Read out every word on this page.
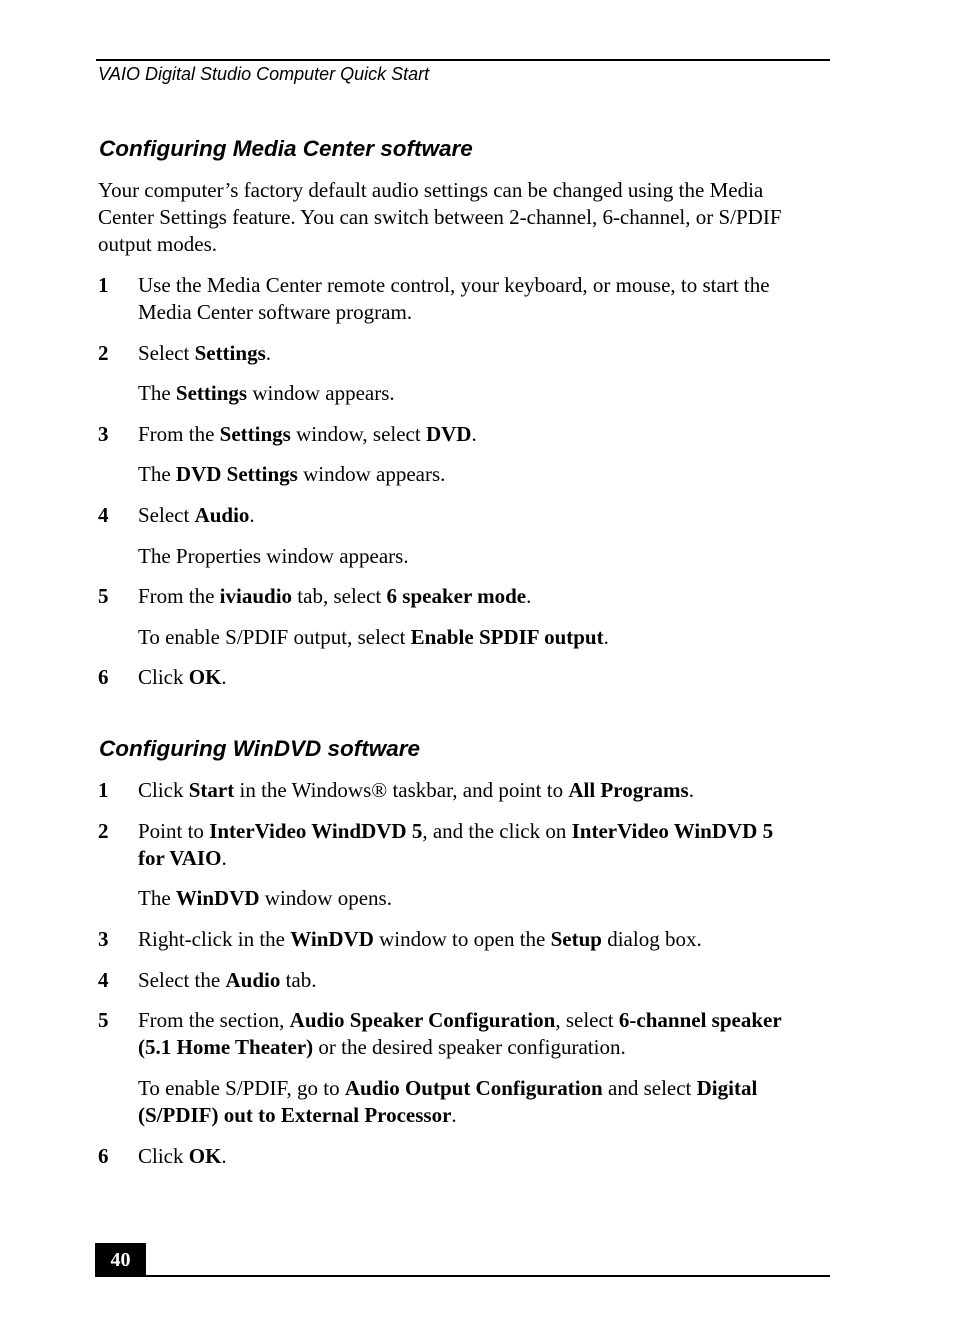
VAIO Digital Studio Computer Quick Start
Configuring Media Center software
Your computer’s factory default audio settings can be changed using the Media
Center Settings feature. You can switch between 2-channel, 6-channel, or S/PDIF
output modes.
1	Use the Media Center remote control, your keyboard, or mouse, to start the
Media Center software program.
2	Select Settings.
The Settings window appears.
3	From the Settings window, select DVD.
The DVD Settings window appears.
4	Select Audio.
The Properties window appears.
5	From the iviaudio tab, select 6 speaker mode.
To enable S/PDIF output, select Enable SPDIF output.
6	Click OK.
Configuring WinDVD software
1	Click Start in the Windows® taskbar, and point to All Programs.
2	Point to InterVideo WindDVD 5, and the click on InterVideo WinDVD 5
for VAIO.
The WinDVD window opens.
3	Right-click in the WinDVD window to open the Setup dialog box.
4	Select the Audio tab.
5	From the section, Audio Speaker Configuration, select 6-channel speaker
(5.1 Home Theater) or the desired speaker configuration.
To enable S/PDIF, go to Audio Output Configuration and select Digital
(S/PDIF) out to External Processor.
6	Click OK.
40
